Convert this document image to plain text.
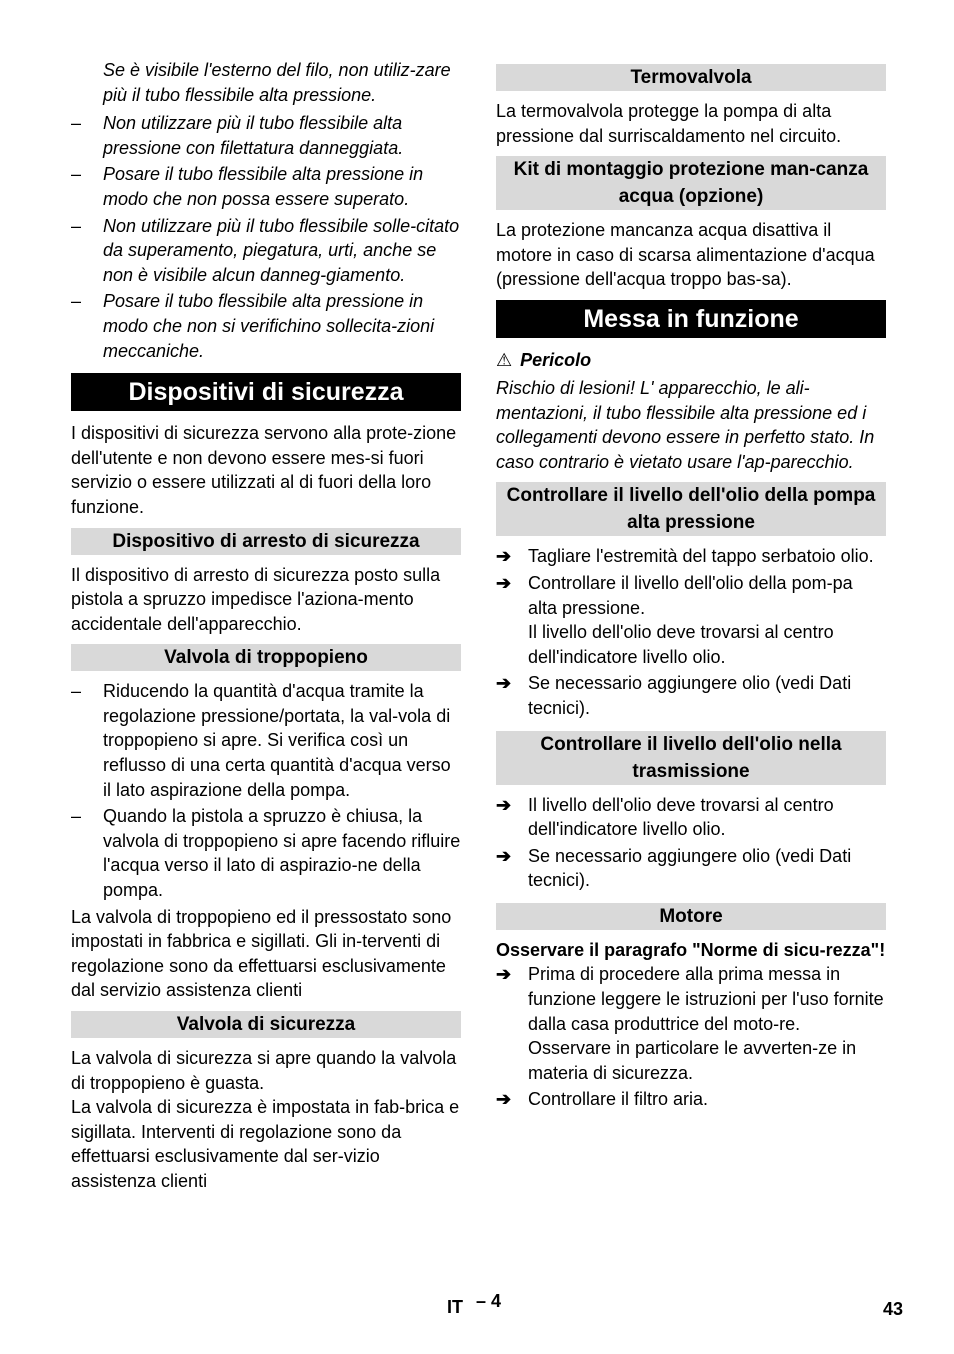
Se è visibile l'esterno del filo, non utiliz-zare più il tubo flessibile alta pressione.

– Non utilizzare più il tubo flessibile alta pressione con filettatura danneggiata.
– Posare il tubo flessibile alta pressione in modo che non possa essere superato.
– Non utilizzare più il tubo flessibile solle-citato da superamento, piegatura, urti, anche se non è visibile alcun danneg-giamento.
– Posare il tubo flessibile alta pressione in modo che non si verifichino sollecita-zioni meccaniche.
Dispositivi di sicurezza

I dispositivi di sicurezza servono alla prote-zione dell'utente e non devono essere mes-si fuori servizio o essere utilizzati al di fuori della loro funzione.

Dispositivo di arresto di sicurezza

Il dispositivo di arresto di sicurezza posto sulla pistola a spruzzo impedisce l'aziona-mento accidentale dell'apparecchio.

Valvola di troppopieno
– Riducendo la quantità d'acqua tramite la regolazione pressione/portata, la val-vola di troppopieno si apre. Si verifica così un reflusso di una certa quantità d'acqua verso il lato aspirazione della pompa.
– Quando la pistola a spruzzo è chiusa, la valvola di troppopieno si apre facendo rifluire l'acqua verso il lato di aspirazio-ne della pompa.

La valvola di troppopieno ed il pressostato sono impostati in fabbrica e sigillati. Gli in-terventi di regolazione sono da effettuarsi esclusivamente dal servizio assistenza clienti

Valvola di sicurezza

La valvola di sicurezza si apre quando la valvola di troppopieno è guasta.

La valvola di sicurezza è impostata in fab-brica e sigillata. Interventi di regolazione sono da effettuarsi esclusivamente dal ser-vizio assistenza clienti

Termovalvola

La termovalvola protegge la pompa di alta pressione dal surriscaldamento nel circuito.

Kit di montaggio protezione man-canza acqua (opzione)

La protezione mancanza acqua disattiva il motore in caso di scarsa alimentazione d'acqua (pressione dell'acqua troppo bas-sa).

Messa in funzione
⚠ Pericolo

Rischio di lesioni! L' apparecchio, le ali-mentazioni, il tubo flessibile alta pressione ed i collegamenti devono essere in perfetto stato. In caso contrario è vietato usare l'ap-parecchio.

Controllare il livello dell'olio della pompa alta pressione
➔ Tagliare l'estremità del tappo serbatoio olio.
➔ Controllare il livello dell'olio della pom-pa alta pressione.

Il livello dell'olio deve trovarsi al centro dell'indicatore livello olio.

➔ Se necessario aggiungere olio (vedi Dati tecnici).
Controllare il livello dell'olio nella trasmissione
➔ Il livello dell'olio deve trovarsi al centro dell'indicatore livello olio.
➔ Se necessario aggiungere olio (vedi Dati tecnici).
Motore

Osservare il paragrafo "Norme di sicu-rezza"!

➔ Prima di procedere alla prima messa in funzione leggere le istruzioni per l'uso fornite dalla casa produttrice del moto-re. Osservare in particolare le avverten-ze in materia di sicurezza.
➔ Controllare il filtro aria.
IT – 4	43
